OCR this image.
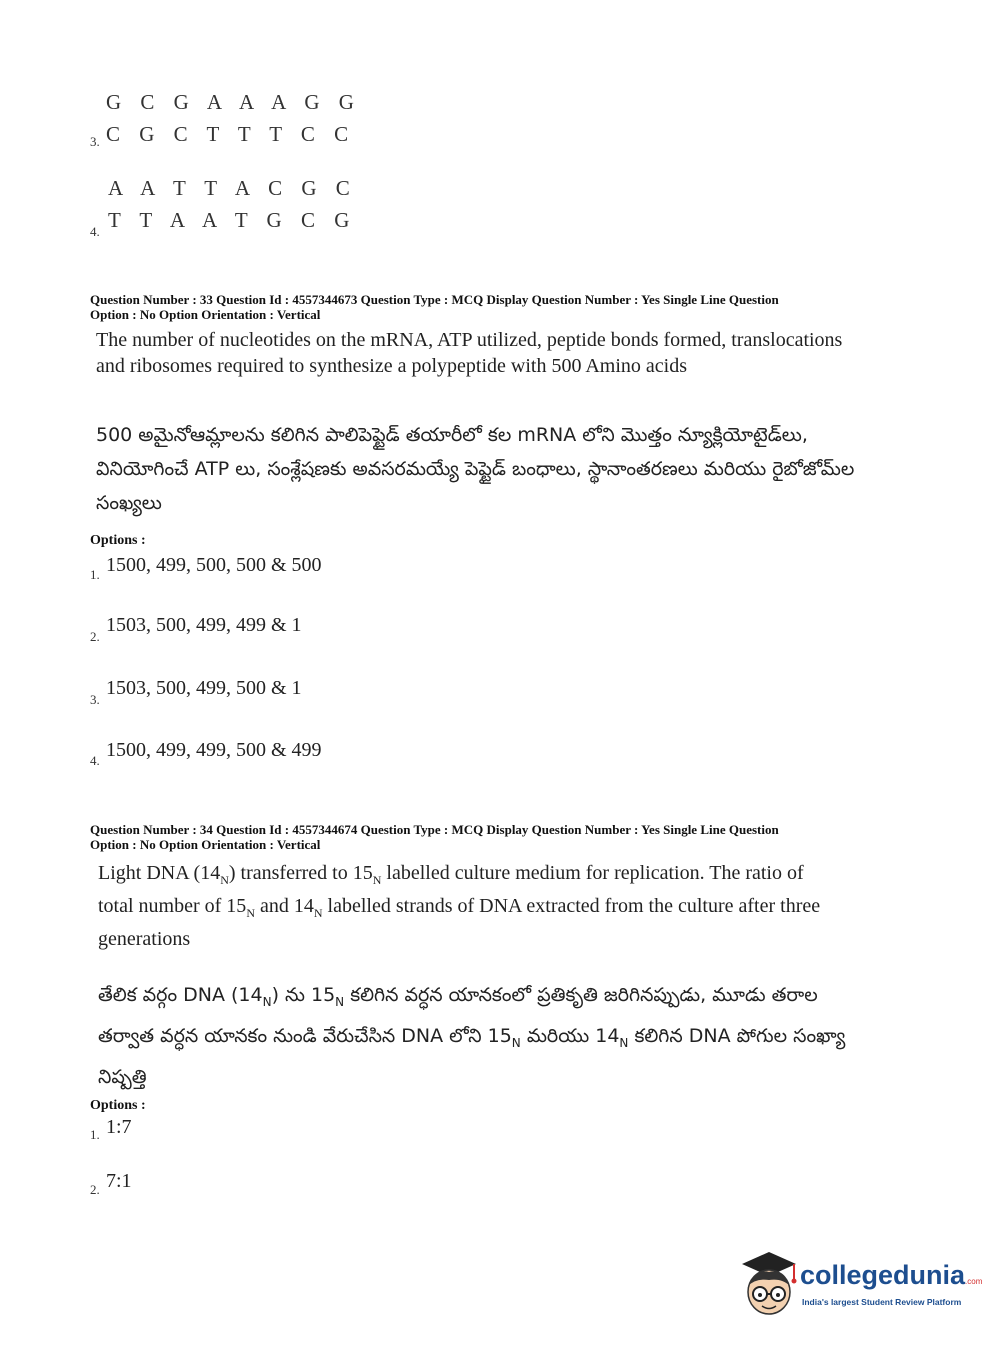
G C G A A A G G
3. C G C T T T C C
A A T T A C G C
4. T T A A T G C G
Question Number : 33 Question Id : 4557344673 Question Type : MCQ Display Question Number : Yes Single Line Question
Option : No Option Orientation : Vertical
The number of nucleotides on the mRNA, ATP utilized, peptide bonds formed, translocations
and ribosomes required to synthesize a polypeptide with 500 Amino acids
500 అమైనోఆమ్లాలను కలిగిన పాలిపెప్టైడ్ తయారీలో కల mRNA లోని మొత్తం న్యూక్లియోటైడ్‌లు,
వినియోగించే ATP లు, సంశ్లేషణకు అవసరమయ్యే పెప్టైడ్ బంధాలు, స్థానాంతరణలు మరియు రైబోజోమ్‌ల
సంఖ్యలు
Options :
1. 1500, 499, 500, 500 & 500
2.
1503, 500, 499, 499 & 1
3.
1503, 500, 499, 500 & 1
4. 1500, 499, 499, 500 & 499
Question Number : 34 Question Id : 4557344674 Question Type : MCQ Display Question Number : Yes Single Line Question
Option : No Option Orientation : Vertical
Light DNA $(14_N)$ transferred to $15_N$ labelled culture medium for replication. The ratio of
total number of $15_N$ and $14_N$ labelled strands of DNA extracted from the culture after three
generations
తేలిక వర్గం DNA $(14_N)$ ను $15_N$ కలిగిన వర్ధన యానకంలో ప్రతికృతి జరిగినప్పుడు, మూడు తరాల
తర్వాత వర్ధన యానకం నుండి వేరుచేసిన DNA లోని $15_N$ మరియు $14_N$ కలిగిన DNA పోగుల సంఖ్యా
నిష్పత్తి
Options :
1. 1:7
2. 7:1
collegedunia.com
India's largest Student Review Platform
